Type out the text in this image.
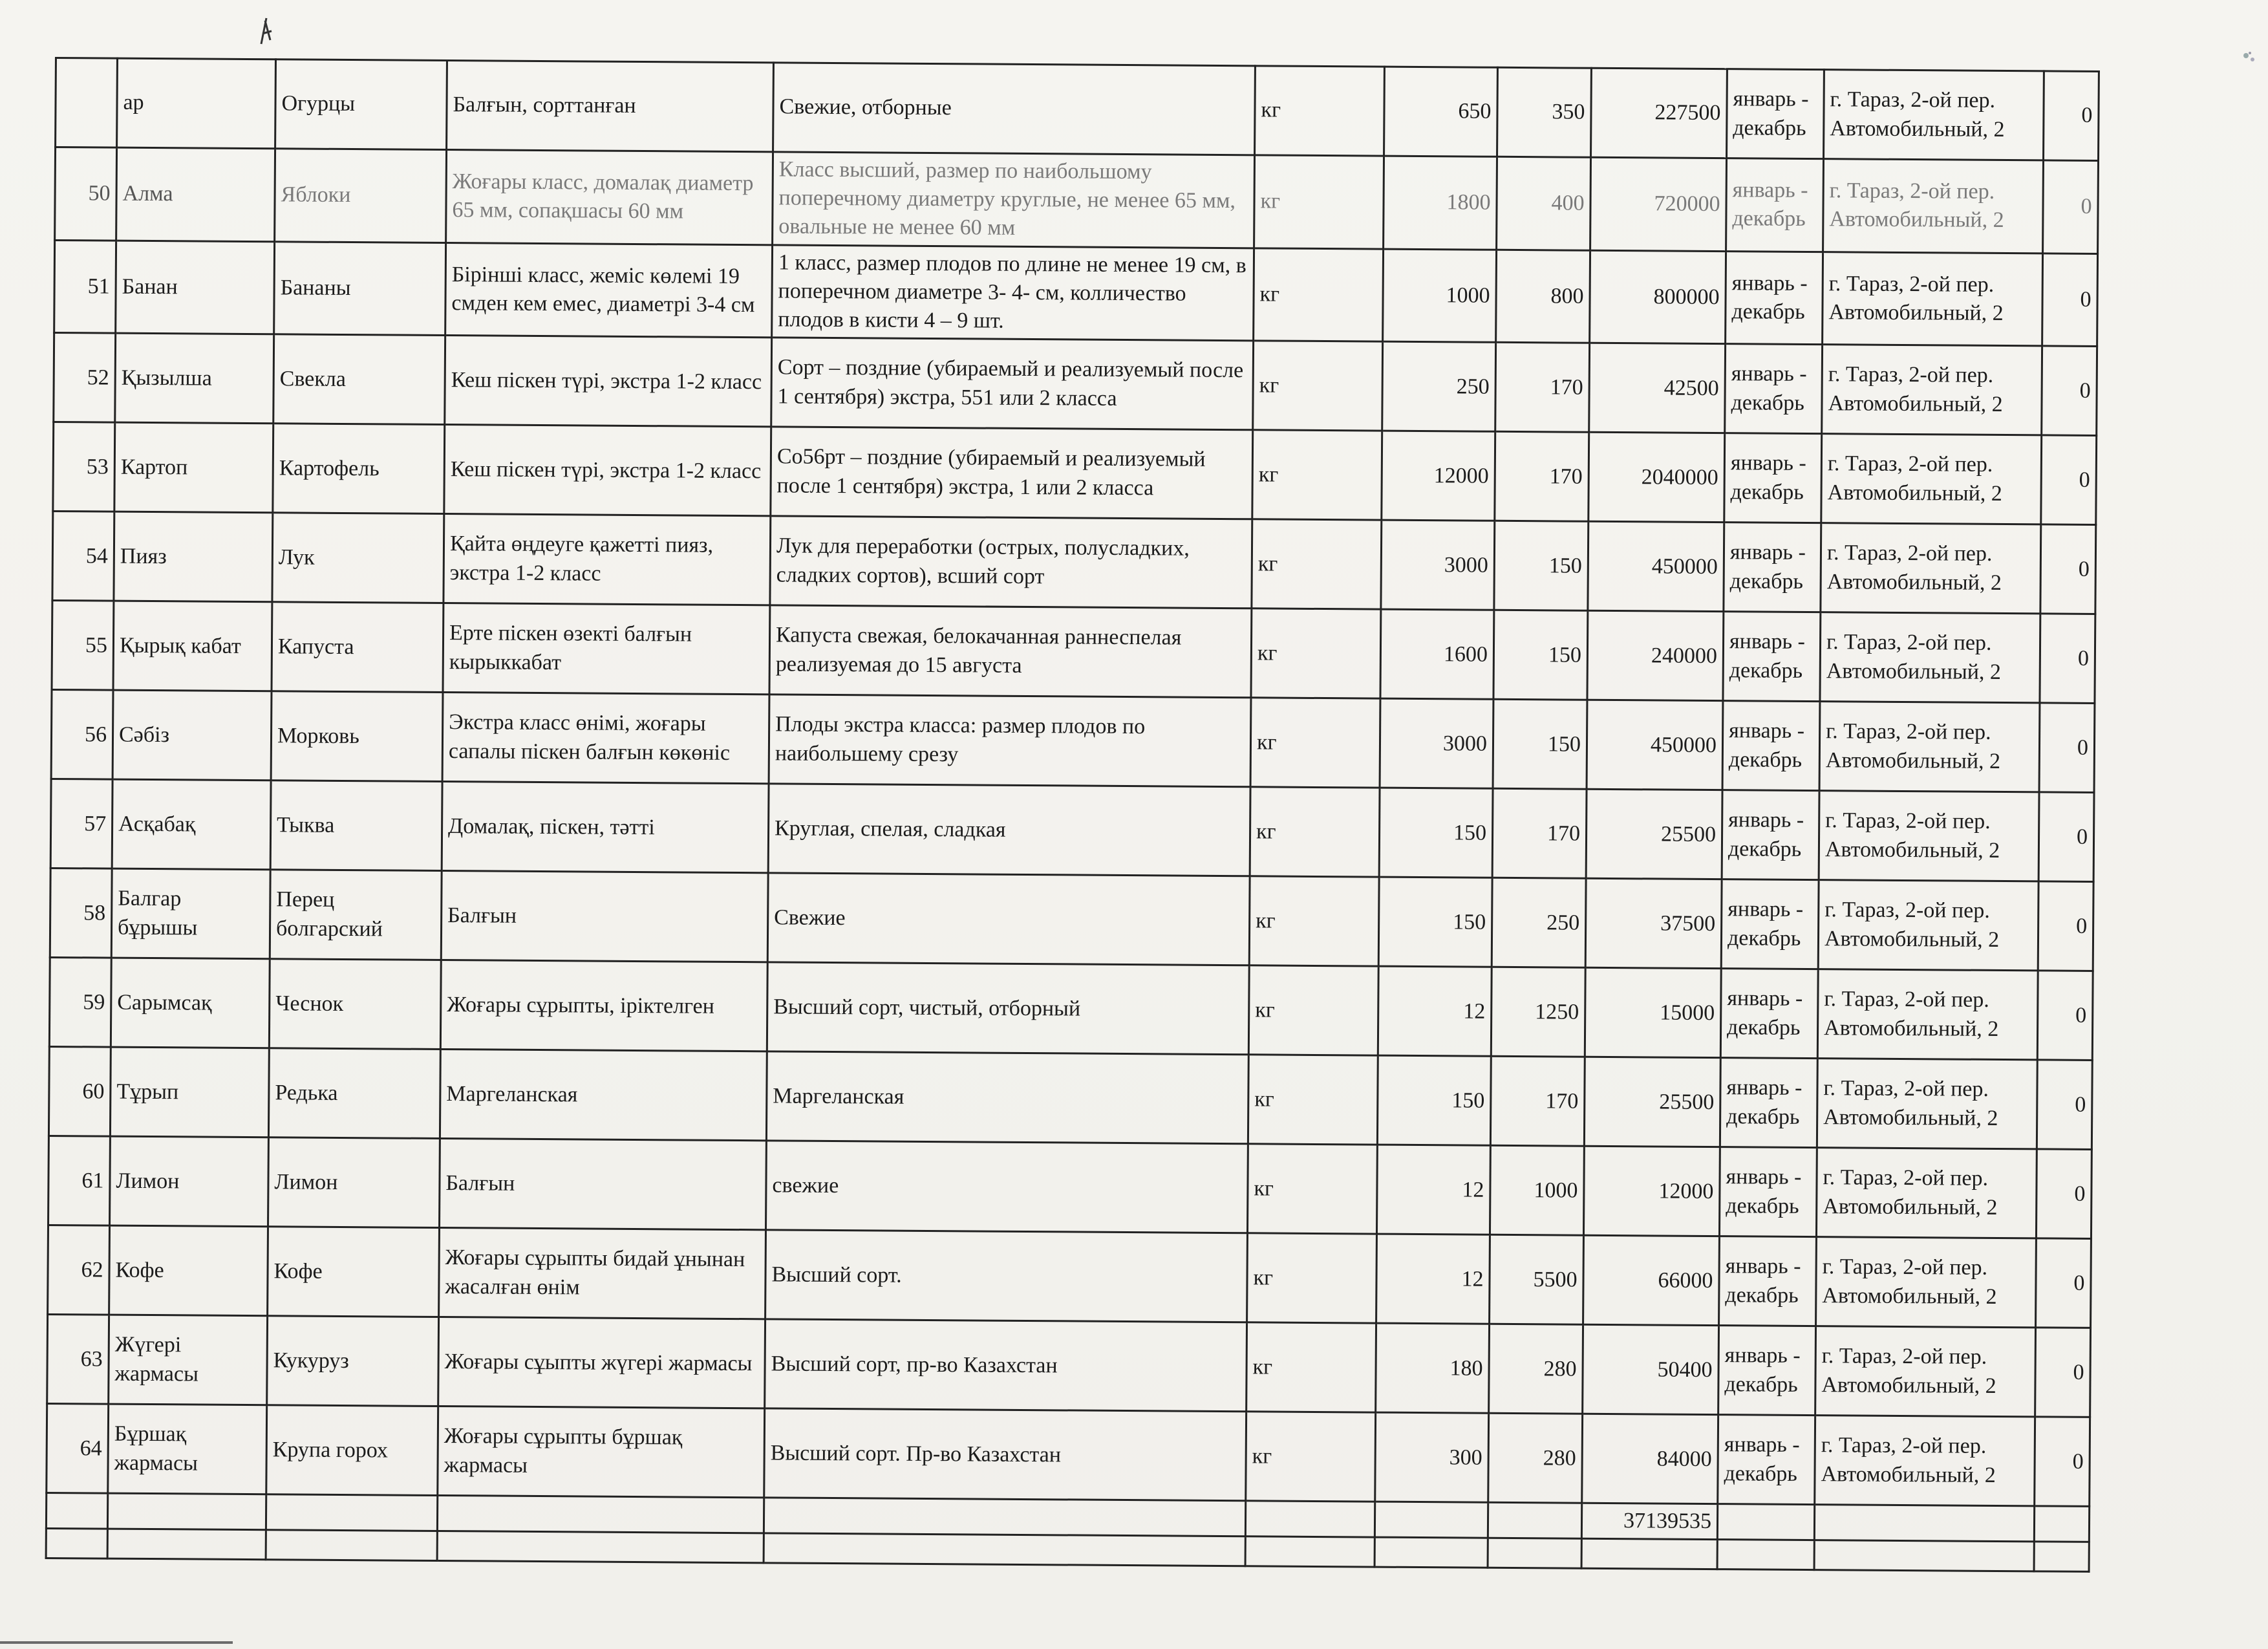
	ар	Огурцы	Балғын, сорттанған	Свежие, отборные	кг	650	350	227500	январь - декабрь	г. Тараз, 2-ой пер. Автомобильный, 2	0
50	Алма	Яблоки	Жоғары класс, домалақ диаметр 65 мм, сопақшасы 60 мм	Класс высший, размер по наибольшому поперечному диаметру круглые, не менее 65 мм, овальные не менее 60 мм	кг	1800	400	720000	январь - декабрь	г. Тараз, 2-ой пер. Автомобильный, 2	0
51	Банан	Бананы	Бірінші класс, жеміс көлемі 19 смден кем емес, диаметрі 3-4 см	1 класс, размер плодов по длине не менее 19 см, в поперечном диаметре 3- 4- см, колличество плодов в кисти 4 – 9 шт.	кг	1000	800	800000	январь - декабрь	г. Тараз, 2-ой пер. Автомобильный, 2	0
52	Қызылша	Свекла	Кеш піскен түрі, экстра 1-2 класс	Сорт – поздние (убираемый и реализуемый после 1 сентября) экстра, 551 или 2 класса	кг	250	170	42500	январь - декабрь	г. Тараз, 2-ой пер. Автомобильный, 2	0
53	Картоп	Картофель	Кеш піскен түрі, экстра 1-2 класс	Со56рт – поздние (убираемый и реализуемый после 1 сентября) экстра, 1 или 2 класса	кг	12000	170	2040000	январь - декабрь	г. Тараз, 2-ой пер. Автомобильный, 2	0
54	Пияз	Лук	Қайта өңдеуге қажетті пияз, экстра 1-2 класс	Лук для переработки (острых, полусладких, сладких сортов), всший сорт	кг	3000	150	450000	январь - декабрь	г. Тараз, 2-ой пер. Автомобильный, 2	0
55	Қырық кабат	Капуста	Ерте піскен өзекті балғын кырыккабат	Капуста свежая, белокачанная раннеспелая реализуемая до 15 августа	кг	1600	150	240000	январь - декабрь	г. Тараз, 2-ой пер. Автомобильный, 2	0
56	Сәбіз	Морковь	Экстра класс өнімі, жоғары сапалы піскен балғын көкөніс	Плоды экстра класса: размер плодов по наибольшему срезу	кг	3000	150	450000	январь - декабрь	г. Тараз, 2-ой пер. Автомобильный, 2	0
57	Асқабақ	Тыква	Домалақ, піскен, тәтті	Круглая, спелая, сладкая	кг	150	170	25500	январь - декабрь	г. Тараз, 2-ой пер. Автомобильный, 2	0
58	Балгар бұрышы	Перец болгарский	Балғын	Свежие	кг	150	250	37500	январь - декабрь	г. Тараз, 2-ой пер. Автомобильный, 2	0
59	Сарымсақ	Чеснок	Жоғары сұрыпты, іріктелген	Высший сорт, чистый, отборный	кг	12	1250	15000	январь - декабрь	г. Тараз, 2-ой пер. Автомобильный, 2	0
60	Тұрып	Редька	Маргеланская	Маргеланская	кг	150	170	25500	январь - декабрь	г. Тараз, 2-ой пер. Автомобильный, 2	0
61	Лимон	Лимон	Балғын	свежие	кг	12	1000	12000	январь - декабрь	г. Тараз, 2-ой пер. Автомобильный, 2	0
62	Кофе	Кофе	Жоғары сұрыпты бидай ұнынан жасалған өнім	Высший сорт.	кг	12	5500	66000	январь - декабрь	г. Тараз, 2-ой пер. Автомобильный, 2	0
63	Жүгері жармасы	Кукуруз	Жоғары сұыпты жүгері жармасы	Высший сорт, пр-во Казахстан	кг	180	280	50400	январь - декабрь	г. Тараз, 2-ой пер. Автомобильный, 2	0
64	Бұршақ жармасы	Крупа горох	Жоғары сұрыпты бұршақ жармасы	Высший сорт. Пр-во Казахстан	кг	300	280	84000	январь - декабрь	г. Тараз, 2-ой пер. Автомобильный, 2	0
								37139535			
